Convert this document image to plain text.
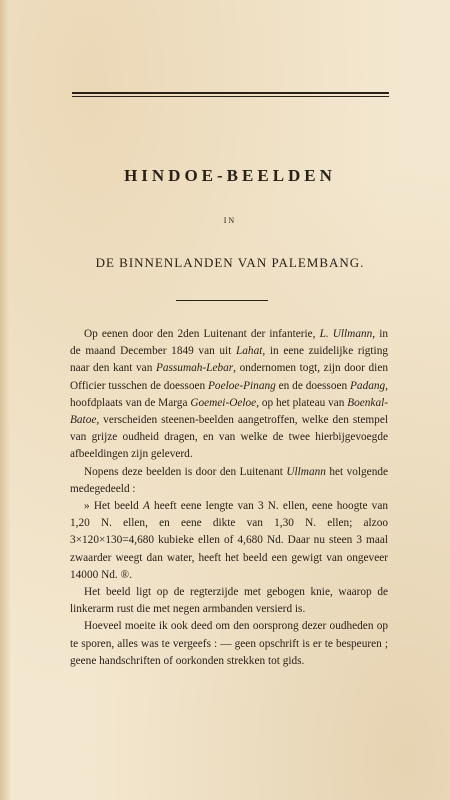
HINDOE-BEELDEN
IN
DE BINNENLANDEN VAN PALEMBANG.

Op eenen door den 2den Luitenant der infanterie, L. Ullmann, in de maand December 1849 van uit Lahat, in eene zuidelijke rigting naar den kant van Passumah-Lebar, ondernomen togt, zijn door dien Officier tusschen de doessoen Poeloe-Pinang en de doessoen Padang, hoofdplaats van de Marga Goemei-Oeloe, op het plateau van Boenkal-Batoe, verscheiden steenen-beelden aangetroffen, welke den stempel van grijze oudheid dragen, en van welke de twee hierbijgevoegde afbeeldingen zijn geleverd.

Nopens deze beelden is door den Luitenant Ullmann het volgende medegedeeld :

» Het beeld A heeft eene lengte van 3 N. ellen, eene hoogte van 1,20 N. ellen, en eene dikte van 1,30 N. ellen; alzoo 3×120×130=4,680 kubieke ellen of 4,680 Nd. Daar nu steen 3 maal zwaarder weegt dan water, heeft het beeld een gewigt van ongeveer 14000 Nd. ®.

Het beeld ligt op de regterzijde met gebogen knie, waarop de linkerarm rust die met negen armbanden versierd is.

Hoeveel moeite ik ook deed om den oorsprong dezer oudheden op te sporen, alles was te vergeefs : — geen opschrift is er te bespeuren ; geene handschriften of oorkonden strekken tot gids.
